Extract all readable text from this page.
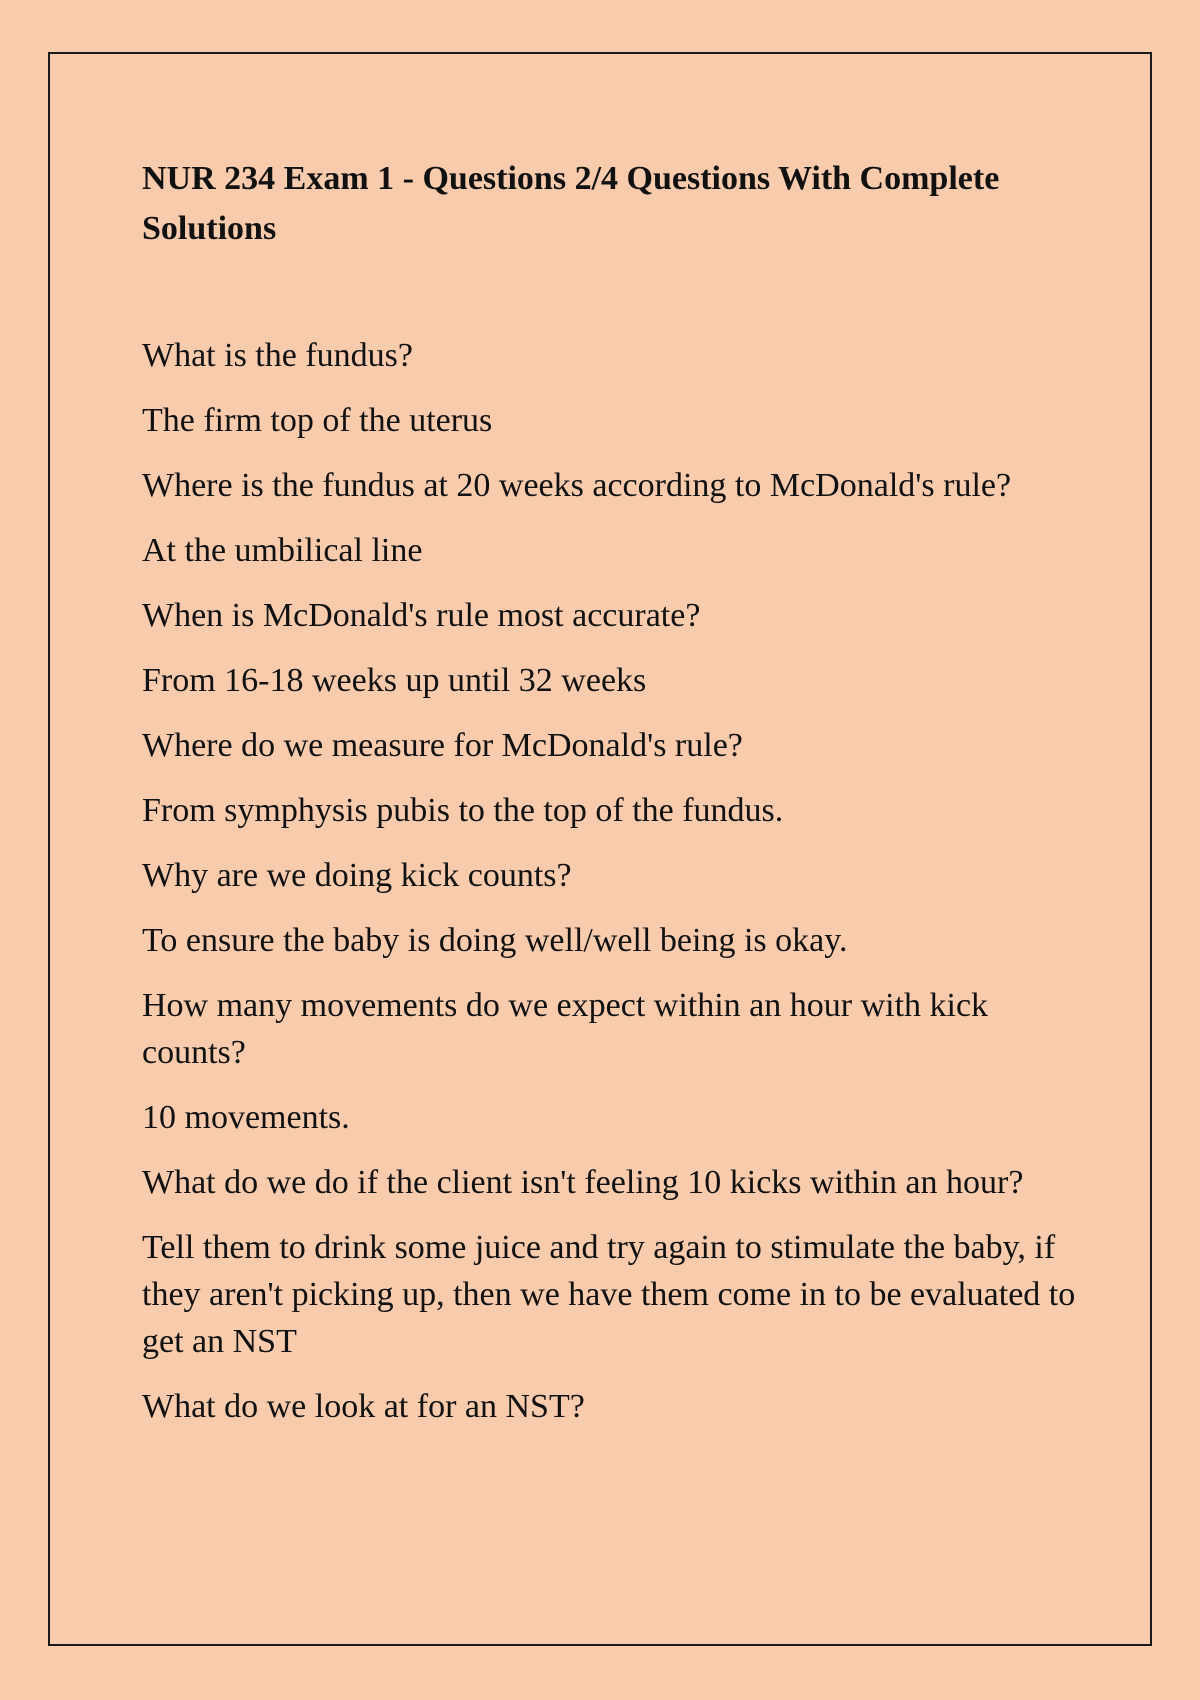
NUR 234 Exam 1 - Questions 2/4 Questions With Complete Solutions

What is the fundus?

The firm top of the uterus

Where is the fundus at 20 weeks according to McDonald's rule?

At the umbilical line

When is McDonald's rule most accurate?

From 16-18 weeks up until 32 weeks

Where do we measure for McDonald's rule?

From symphysis pubis to the top of the fundus.

Why are we doing kick counts?

To ensure the baby is doing well/well being is okay.

How many movements do we expect within an hour with kick counts?

10 movements.

What do we do if the client isn't feeling 10 kicks within an hour?

Tell them to drink some juice and try again to stimulate the baby, if they aren't picking up, then we have them come in to be evaluated to get an NST

What do we look at for an NST?
